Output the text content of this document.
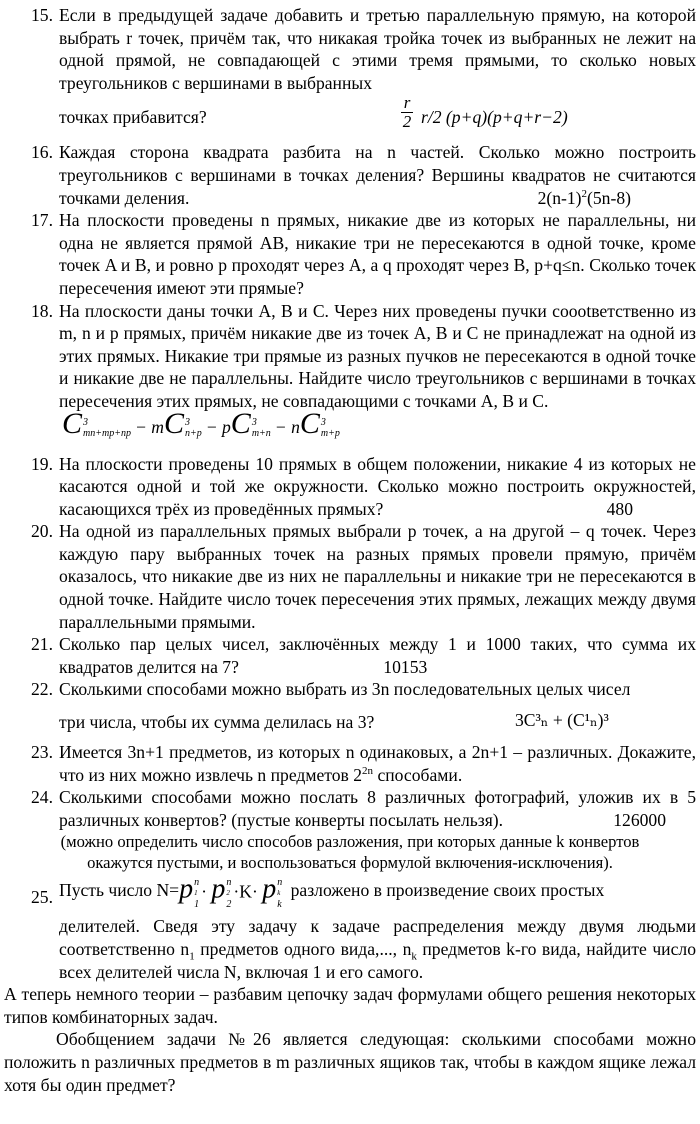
15. Если в предыдущей задаче добавить и третью параллельную прямую, на которой выбрать r точек, причём так, что никакая тройка точек из выбранных не лежит на одной прямой, не совпадающей с этими тремя прямыми, то сколько новых треугольников с вершинами в выбранных

точках прибавится?
r
2 r/2 (p+q)(p+q+r−2)
16. Каждая сторона квадрата разбита на n частей. Сколько можно построить треугольников с вершинами в точках деления? Вершины квадратов не считаются точками деления.	$2(n-1)^2(5n-8)$

17. На плоскости проведены n прямых, никакие две из которых не параллельны, ни одна не является прямой AB, никакие три не пересекаются в одной точке, кроме точек A и B, и ровно p проходят через A, а q проходят через B, p+q≤n. Сколько точек пересечения имеют эти прямые?

18. На плоскости даны точки A, B и C. Через них проведены пучки соootветственно из m, n и p прямых, причём никакие две из точек A, B и C не принадлежат на одной из этих прямых. Никакие три прямые из разных пучков не пересекаются в одной точке и никакие две не параллельны. Найдите число треугольников с вершинами в точках пересечения этих прямых, не совпадающими с точками A, B и C.

C 3
mn+mp+np − mC 3
n+p − pC 3
m+n − nC 3
m+p
19. На плоскости проведены 10 прямых в общем положении, никакие 4 из которых не касаются одной и той же окружности. Сколько можно построить окружностей, касающихся трёх из проведённых прямых?	480

20. На одной из параллельных прямых выбрали p точек, а на другой – q точек. Через каждую пару выбранных точек на разных прямых провели прямую, причём оказалось, что никакие две из них не параллельны и никакие три не пересекаются в одной точке. Найдите число точек пересечения этих прямых, лежащих между двумя параллельными прямыми.

21. Сколько пар целых чисел, заключённых между 1 и 1000 таких, что сумма их квадратов делится на 7?	10153

22. Сколькими способами можно выбрать из 3n последовательных целых чисел

три числа, чтобы их сумма делилась на 3?	3C³ₙ + (C¹ₙ)³
23. Имеется 3n+1 предметов, из которых n одинаковых, а 2n+1 – различных. Докажите, что из них можно извлечь n предметов $2^{2n}$ способами.

24. Сколькими способами можно послать 8 различных фотографий, уложив их в 5 различных конвертов? (пустые конверты посылать нельзя).	126000

(можно определить число способов разложения, при которых данные k конвертов окажутся пустыми, и воспользоваться формулой включения-исключения).
25. Пусть число N=p n
1
1
· p n
2
2
·K· p n
k
k
разложено в произведение своих простых

делителей. Сведя эту задачу к задаче распределения между двумя людьми соответственно $n_1$ предметов одного вида,..., $n_k$ предметов k-го вида, найдите число всех делителей числа N, включая 1 и его самого.

А теперь немного теории – разбавим цепочку задач формулами общего решения некоторых типов комбинаторных задач.

Обобщением задачи №26 является следующая: сколькими способами можно положить n различных предметов в m различных ящиков так, чтобы в каждом ящике лежал хотя бы один предмет?
